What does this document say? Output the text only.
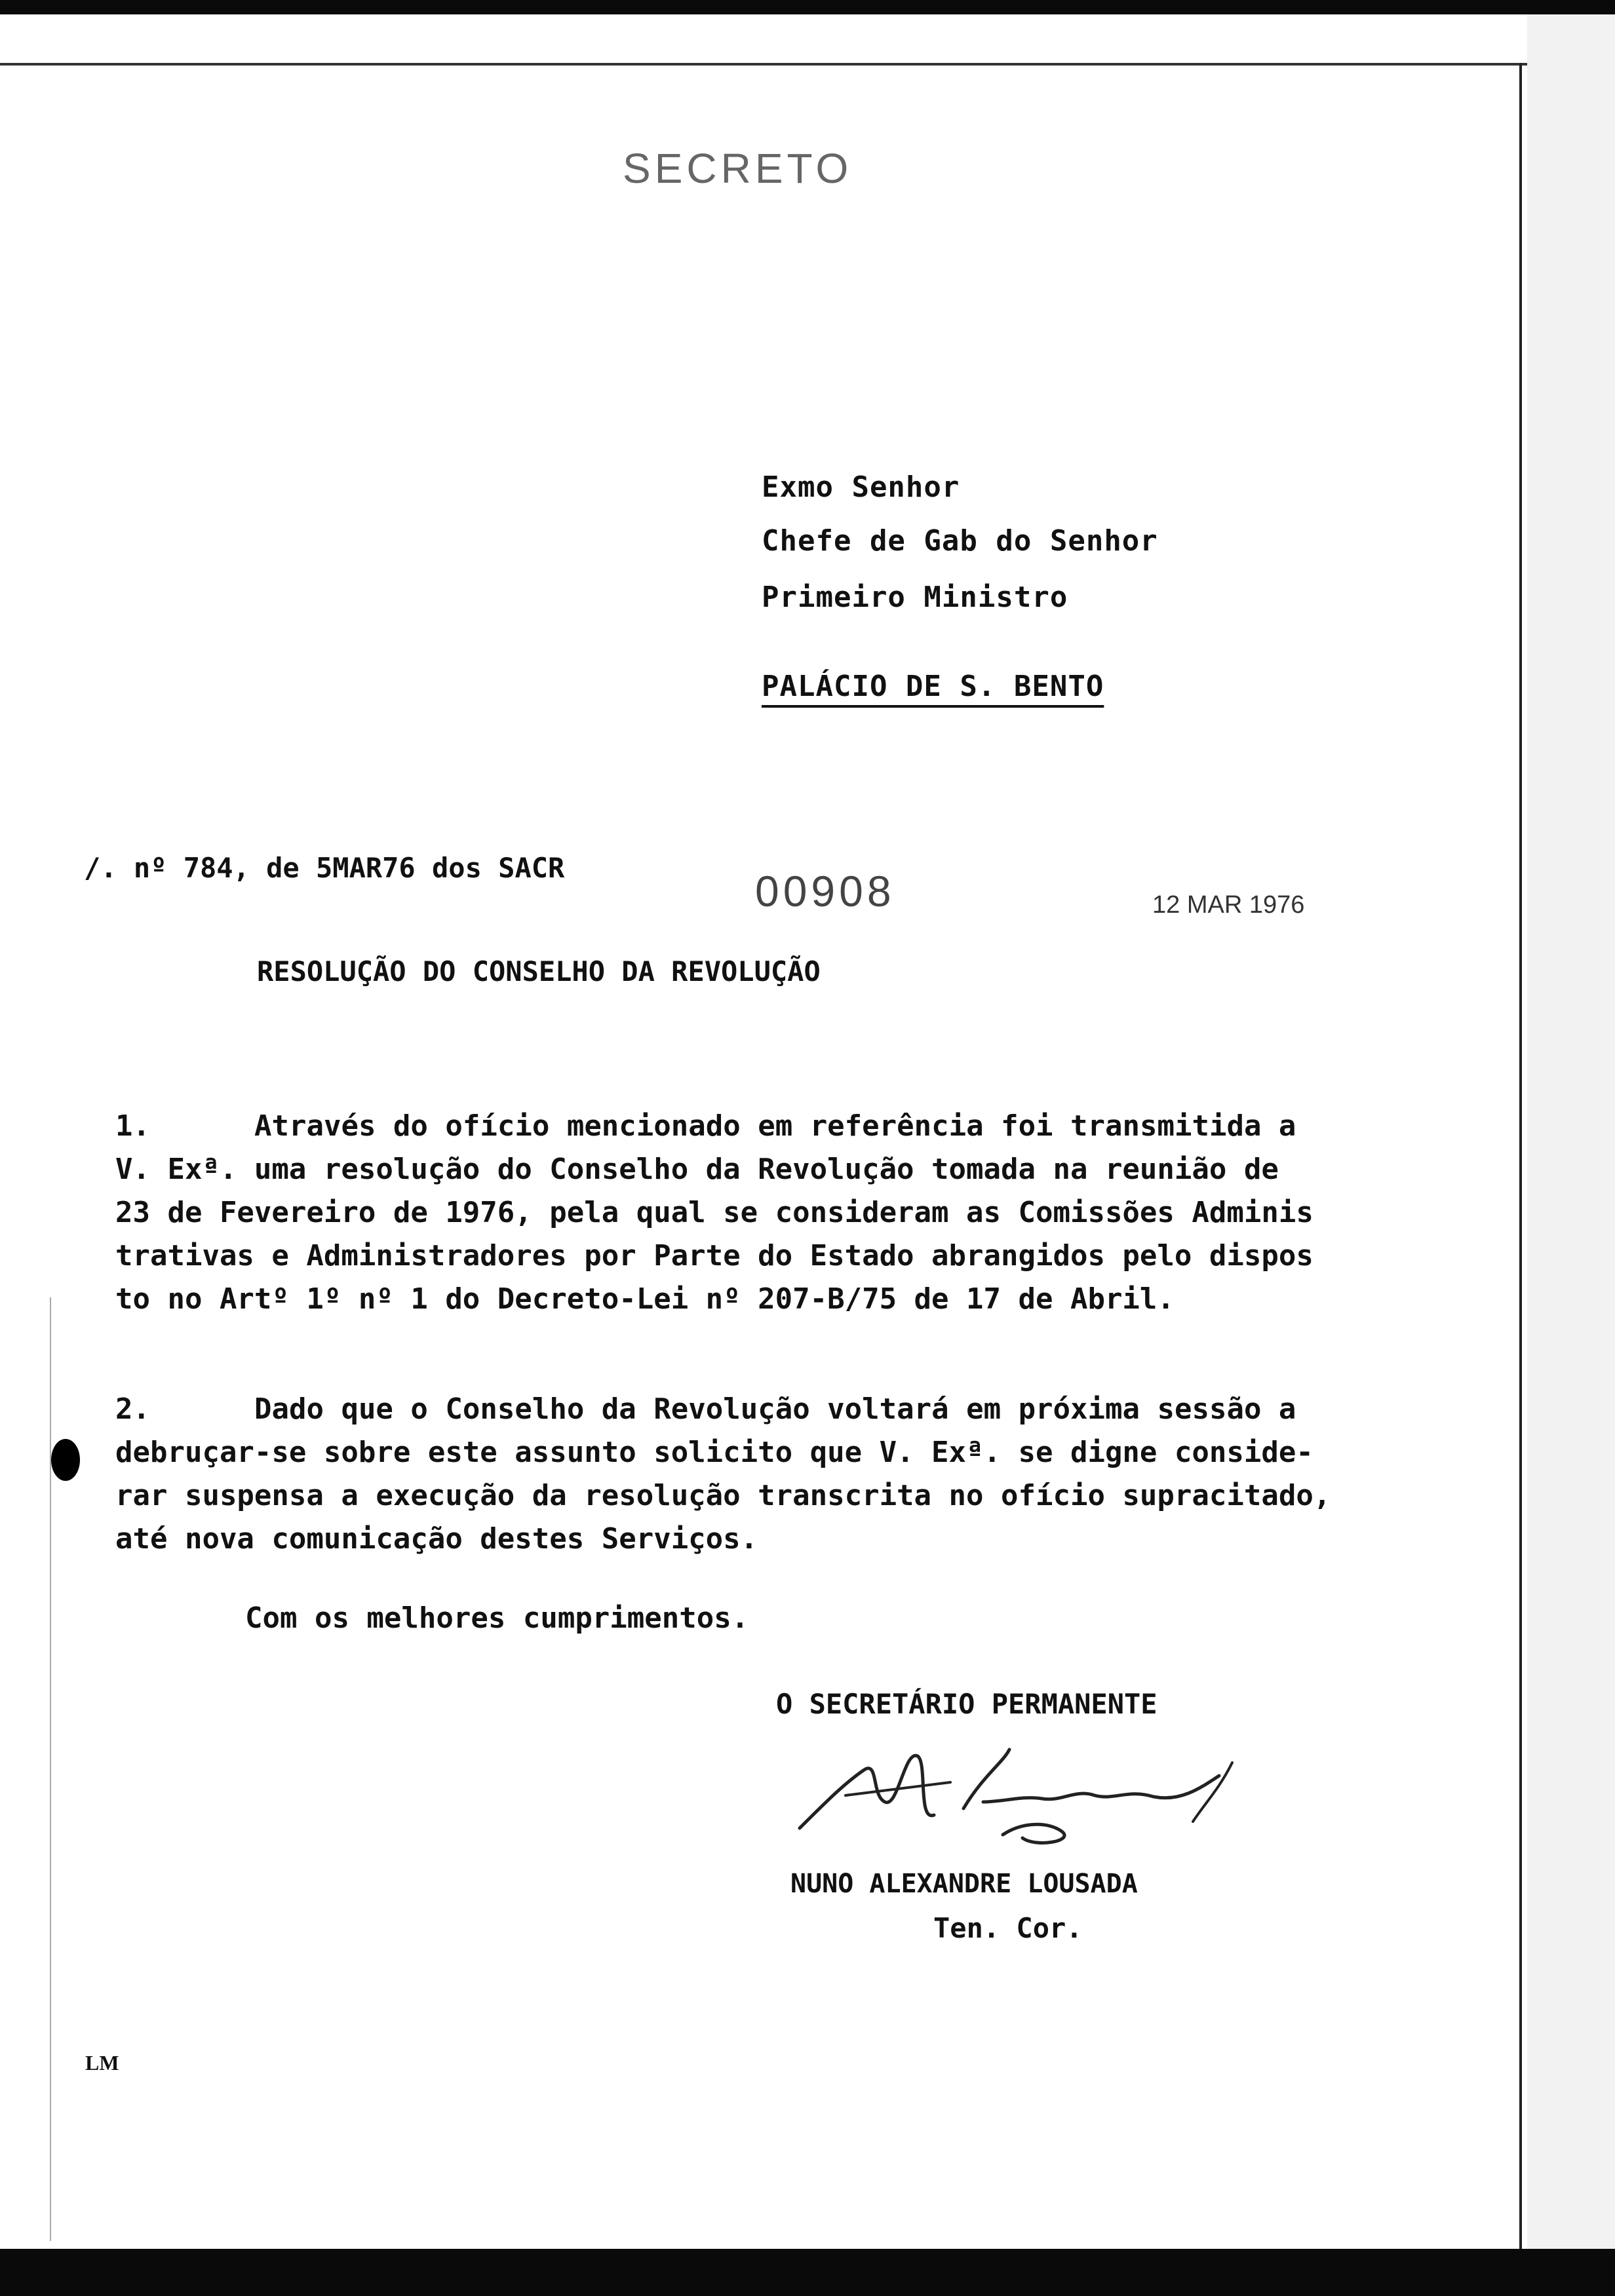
SECRETO
Exmo Senhor
Chefe de Gab do Senhor
Primeiro Ministro
PALÁCIO DE S. BENTO
/. nº 784, de 5MAR76 dos SACR	00908	12 MAR 1976
RESOLUÇÃO DO CONSELHO DA REVOLUÇÃO

1.	Através do ofício mencionado em referência foi transmitida a

V. Exª. uma resolução do Conselho da Revolução tomada na reunião de

23 de Fevereiro de 1976, pela qual se consideram as Comissões Adminis

trativas e Administradores por Parte do Estado abrangidos pelo dispos

to no Artº 1º nº 1 do Decreto-Lei nº 207-B/75 de 17 de Abril.

2.	Dado que o Conselho da Revolução voltará em próxima sessão a

debruçar-se sobre este assunto solicito que V. Exª. se digne conside-

rar suspensa a execução da resolução transcrita no ofício supracitado,

até nova comunicação destes Serviços.

Com os melhores cumprimentos.
O SECRETÁRIO PERMANENTE
NUNO ALEXANDRE LOUSADA
Ten. Cor.
LM
